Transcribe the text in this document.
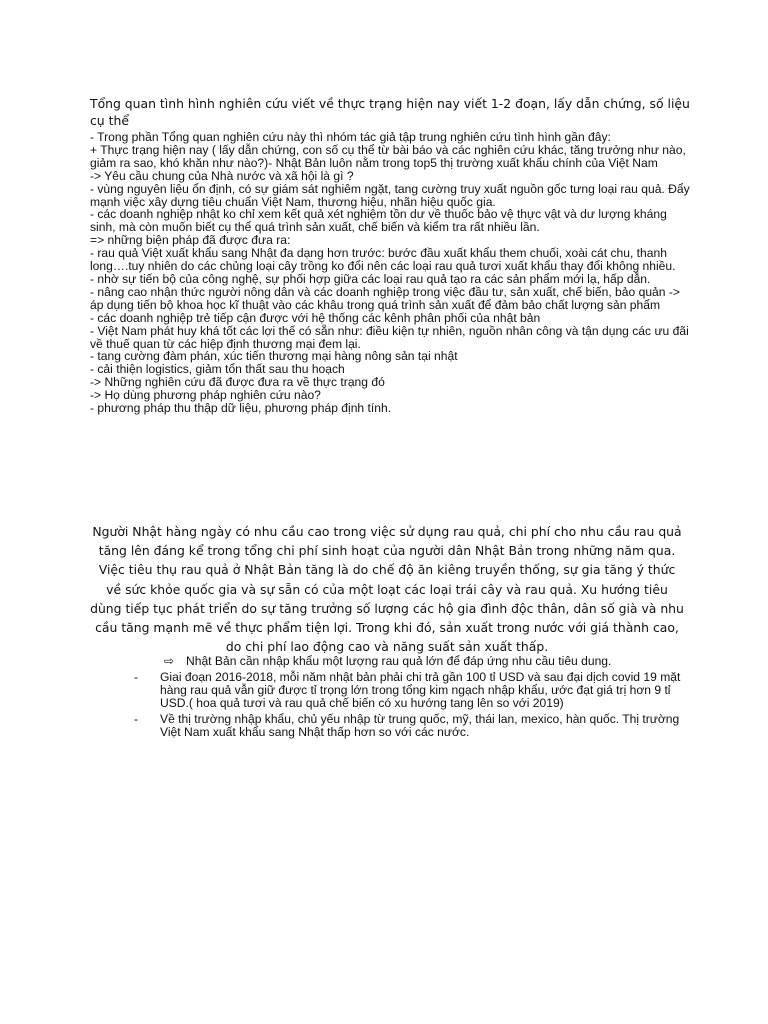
Tổng quan tình hình nghiên cứu viết về thực trạng hiện nay viết 1-2 đoạn, lấy dẫn chứng, số liệu cụ thể

- Trong phần Tổng quan nghiên cứu này thì nhóm tác giả tập trung nghiên cứu tình hình gần đây:

+ Thực trạng hiện nay ( lấy dẫn chứng, con số cụ thể từ bài báo và các nghiên cứu khác, tăng trưởng như nào, giảm ra sao, khó khăn như nào?)- Nhật Bản luôn nằm trong top5 thị trường xuất khẩu chính của Việt Nam

-> Yêu cầu chung của Nhà nước và xã hội là gì ?

- vùng nguyên liệu ổn định, có sự giám sát nghiêm ngặt, tang cường truy xuất nguồn gốc tưng loại rau quả. Đẩy mạnh việc xây dựng tiêu chuẩn Việt Nam, thương hiệu, nhãn hiệu quốc gia.

- các doanh nghiệp nhật ko chỉ xem kết quả xét nghiệm tồn dư về thuốc bảo vệ thực vật và dư lượng kháng sinh, mà còn muốn biết cụ thể quá trình sản xuất, chế biến và kiểm tra rất nhiều lần.

=> những biện pháp đã được đưa ra:

- rau quả Việt xuất khẩu sang Nhật đa dạng hơn trước: bước đầu xuất khẩu them chuối, xoài cát chu, thanh long….tuy nhiên do các chủng loại cây trồng ko đổi nên các loại rau quả tươi xuất khẩu thay đổi không nhiều.

- nhờ sự tiến bộ của công nghệ, sự phối hợp giữa các loại rau quả tạo ra các sản phẩm mới lạ, hấp dẫn.

- nâng cao nhận thức người nông dân và các doanh nghiệp trong việc đầu tư, sản xuất, chế biến, bảo quản -> áp dụng tiến bộ khoa học kĩ thuật vào các khâu trong quá trình sản xuất để đảm bảo chất lượng sản phẩm

- các doanh nghiệp trẻ tiếp cận được với hệ thống các kênh phân phối của nhật bản

- Việt Nam phát huy khá tốt các lợi thế có sẵn như: điều kiện tự nhiên, nguồn nhân công và tận dụng các ưu đãi về thuế quan từ các hiệp định thương mại đem lại.

- tang cường đàm phán, xúc tiến thương mại hàng nông sản tại nhật

- cải thiện logistics, giảm tổn thất sau thu hoạch

-> Những nghiên cứu đã được đưa ra về thực trạng đó

-> Họ dùng phương pháp nghiên cứu nào?

- phương pháp thu thập dữ liệu, phương pháp định tính.

Người Nhật hàng ngày có nhu cầu cao trong việc sử dụng rau quả, chi phí cho nhu cầu rau quả tăng lên đáng kể trong tổng chi phí sinh hoạt của người dân Nhật Bản trong những năm qua. Việc tiêu thụ rau quả ở Nhật Bản tăng là do chế độ ăn kiêng truyền thống, sự gia tăng ý thức về sức khỏe quốc gia và sự sẵn có của một loạt các loại trái cây và rau quả. Xu hướng tiêu dùng tiếp tục phát triển do sự tăng trưởng số lượng các hộ gia đình độc thân, dân số già và nhu cầu tăng mạnh mẽ về thực phẩm tiện lợi. Trong khi đó, sản xuất trong nước với giá thành cao, do chi phí lao động cao và năng suất sản xuất thấp.
⇨ Nhật Bản cần nhập khẩu một lượng rau quả lớn để đáp ứng nhu cầu tiêu dung.
- Giai đoạn 2016-2018, mỗi năm nhật bản phải chi trả gần 100 tỉ USD và sau đại dịch covid 19 mặt hàng rau quả vẫn giữ được tỉ trọng lớn trong tổng kim ngạch nhập khẩu, ước đạt giá trị hơn 9 tỉ USD.( hoa quả tươi và rau quả chế biến có xu hướng tang lên so với 2019)
- Về thị trường nhập khẩu, chủ yếu nhập từ trung quốc, mỹ, thái lan, mexico, hàn quốc. Thị trường Việt Nam xuất khẩu sang Nhật thấp hơn so với các nước.
